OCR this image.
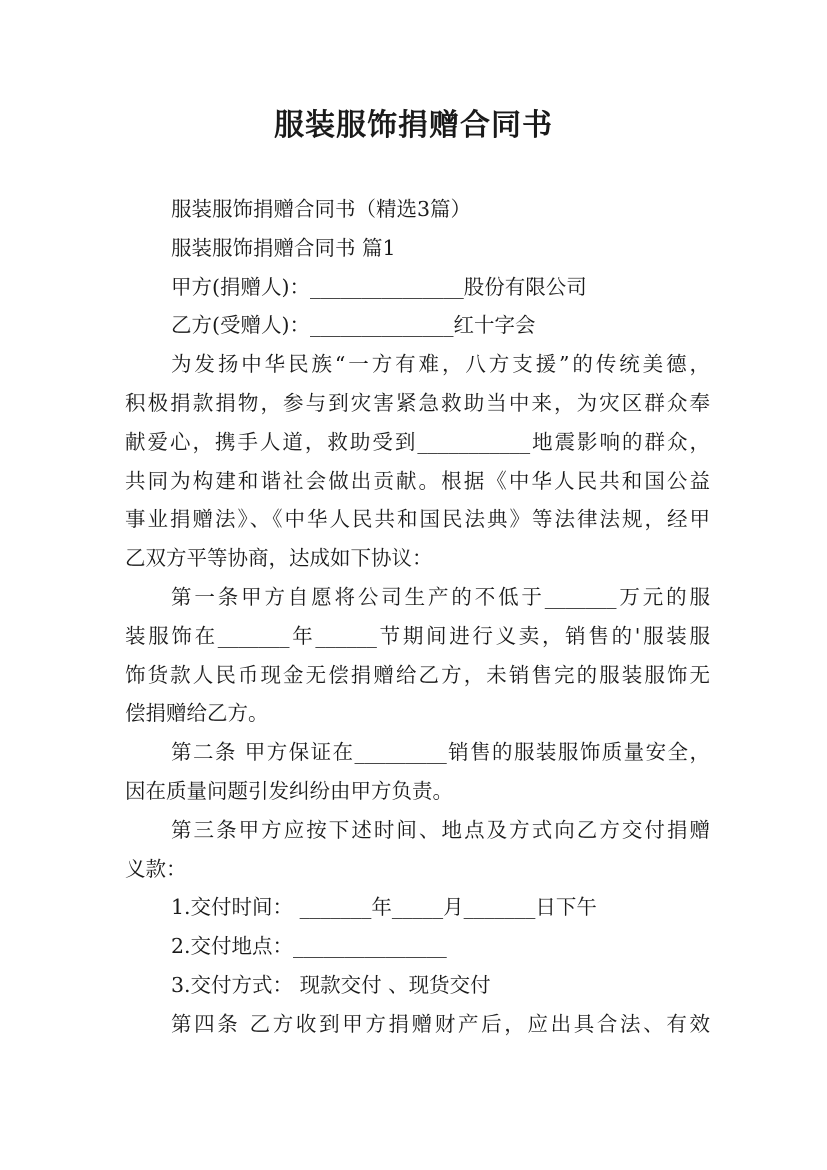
服装服饰捐赠合同书
服装服饰捐赠合同书（精选3篇）
服装服饰捐赠合同书 篇1
甲方(捐赠人)：_______________股份有限公司
乙方(受赠人)：______________红十字会
为发扬中华民族“一方有难，八方支援”的传统美德，
积极捐款捐物，参与到灾害紧急救助当中来，为灾区群众奉
献爱心，携手人道，救助受到___________地震影响的群众，
共同为构建和谐社会做出贡献。根据《中华人民共和国公益
事业捐赠法》、《中华人民共和国民法典》等法律法规，经甲
乙双方平等协商，达成如下协议：
第一条甲方自愿将公司生产的不低于_______万元的服
装服饰在_______年______节期间进行义卖，销售的'服装服
饰货款人民币现金无偿捐赠给乙方，未销售完的服装服饰无
偿捐赠给乙方。
第二条 甲方保证在_________销售的服装服饰质量安全，
因在质量问题引发纠纷由甲方负责。
第三条甲方应按下述时间、地点及方式向乙方交付捐赠
义款：
1.交付时间： _______年_____月_______日下午
2.交付地点：_______________
3.交付方式： 现款交付 、现货交付
第四条 乙方收到甲方捐赠财产后，应出具合法、有效
